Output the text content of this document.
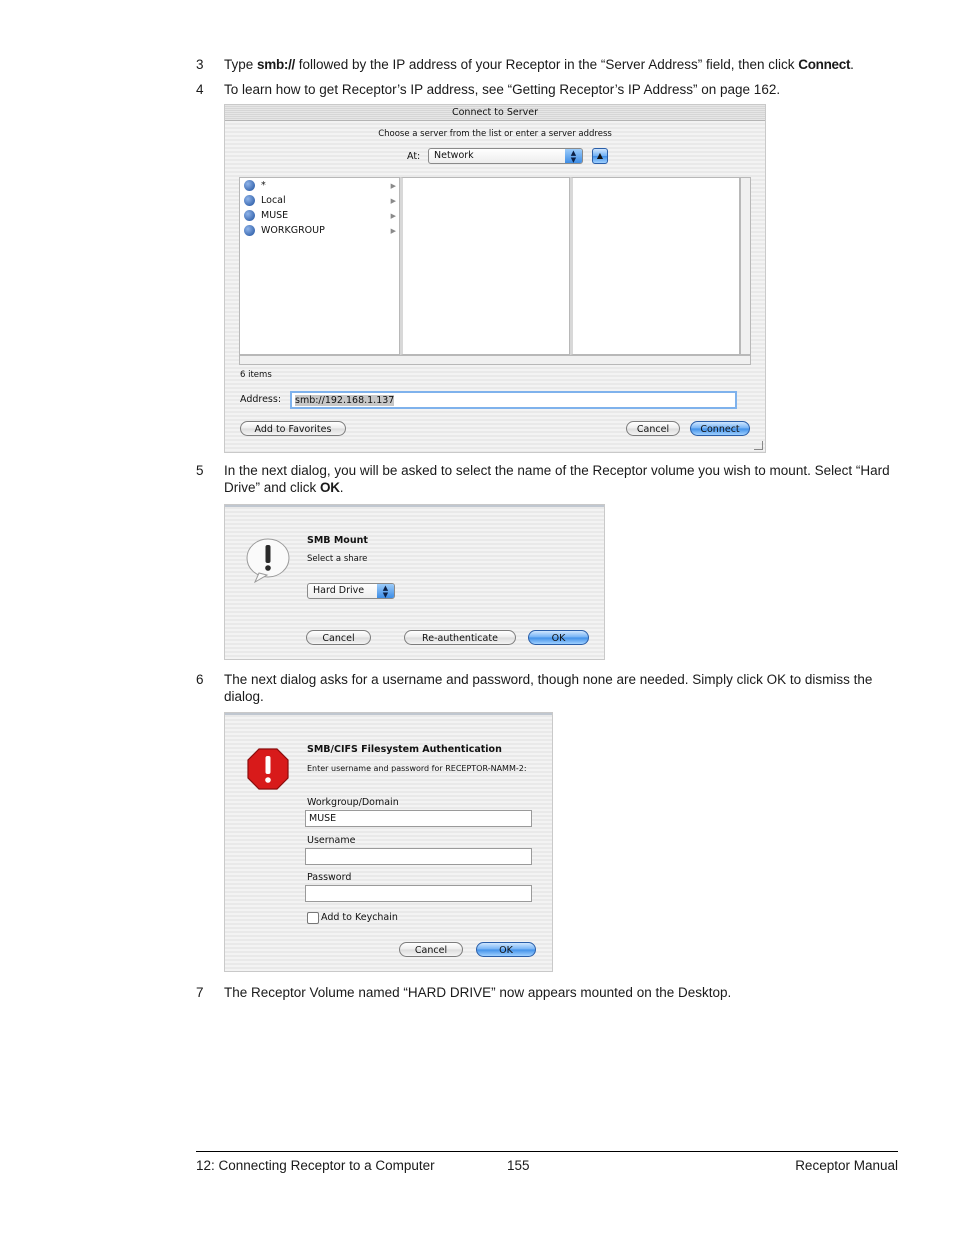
3 Type smb:// followed by the IP address of your Receptor in the “Server Address” field, then click Connect.
4 To learn how to get Receptor’s IP address, see “Getting Receptor’s IP Address” on page 162.
Connect to Server
Choose a server from the list or enter a server address
At:	Network	▲
▼	▲
*	▶
Local	▶
MUSE	▶
WORKGROUP	▶
6 items
Address:	smb://192.168.1.137
Add to Favorites	Cancel	Connect
5 In the next dialog, you will be asked to select the name of the Receptor volume you wish to mount. Select “Hard Drive” and click OK.
SMB Mount
Select a share
Hard Drive	▲
▼
Cancel	Re-authenticate	OK
6 The next dialog asks for a username and password, though none are needed. Simply click OK to dismiss the dialog.
SMB/CIFS Filesystem Authentication
Enter username and password for RECEPTOR-NAMM-2:
Workgroup/Domain
MUSE
Username
Password
Add to Keychain
Cancel	OK
7 The Receptor Volume named “HARD DRIVE” now appears mounted on the Desktop.
12: Connecting Receptor to a Computer	155	Receptor Manual
